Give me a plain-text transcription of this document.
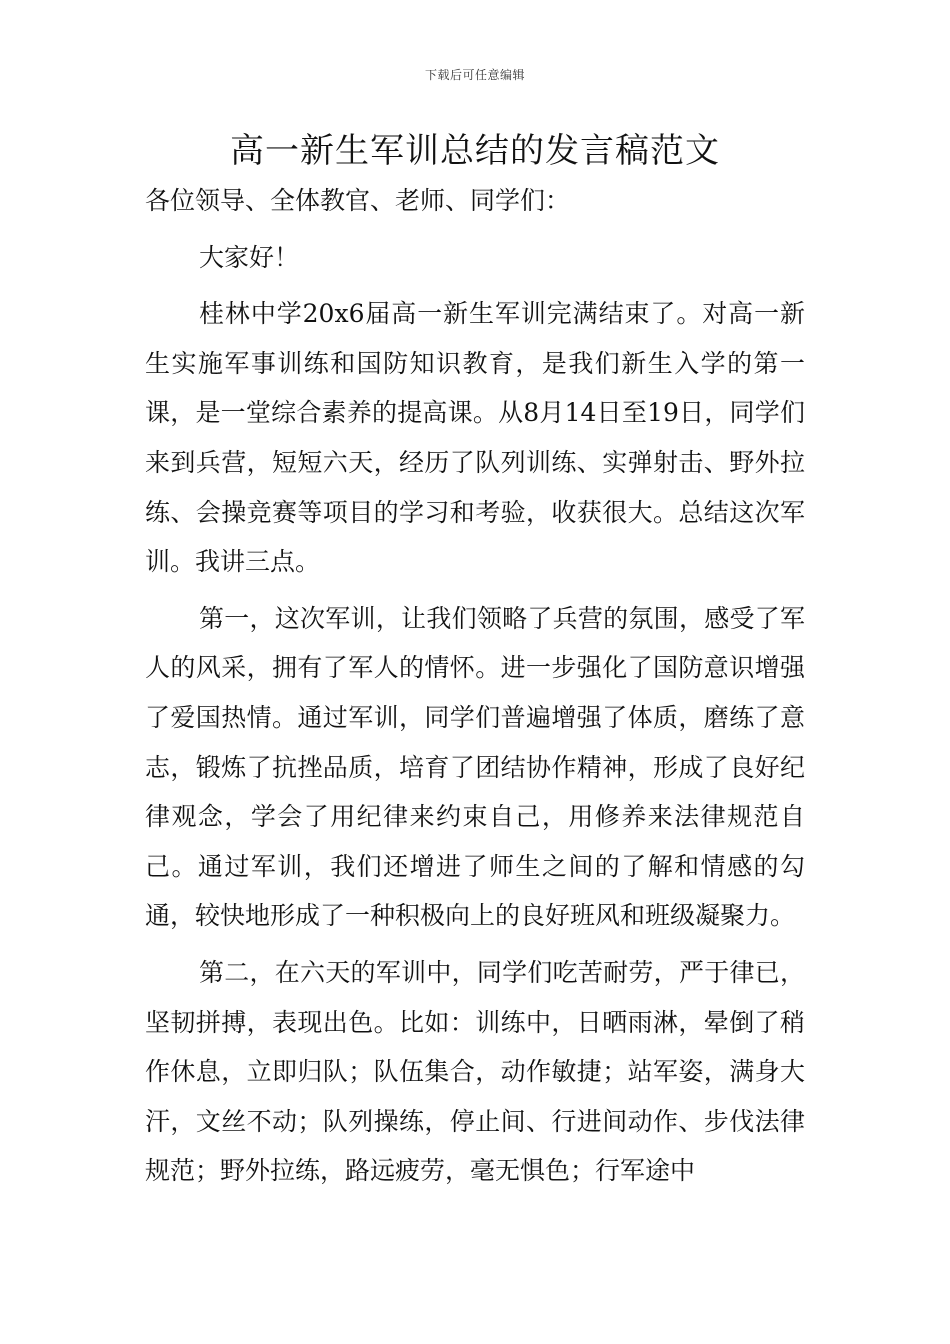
下载后可任意编辑
高一新生军训总结的发言稿范文

各位领导、全体教官、老师、同学们：

大家好！

桂林中学20x6届高一新生军训完满结束了。对高一新生实施军事训练和国防知识教育，是我们新生入学的第一课，是一堂综合素养的提高课。从8月14日至19日，同学们来到兵营，短短六天，经历了队列训练、实弹射击、野外拉练、会操竞赛等项目的学习和考验，收获很大。总结这次军训。我讲三点。

第一，这次军训，让我们领略了兵营的氛围，感受了军人的风采，拥有了军人的情怀。进一步强化了国防意识增强了爱国热情。通过军训，同学们普遍增强了体质，磨练了意志，锻炼了抗挫品质，培育了团结协作精神，形成了良好纪律观念，学会了用纪律来约束自己，用修养来法律规范自己。通过军训，我们还增进了师生之间的了解和情感的勾通，较快地形成了一种积极向上的良好班风和班级凝聚力。

第二，在六天的军训中，同学们吃苦耐劳，严于律已，坚韧拼搏，表现出色。比如：训练中，日晒雨淋，晕倒了稍作休息，立即归队；队伍集合，动作敏捷；站军姿，满身大汗，文丝不动；队列操练，停止间、行进间动作、步伐法律规范；野外拉练，路远疲劳，毫无惧色；行军途中
